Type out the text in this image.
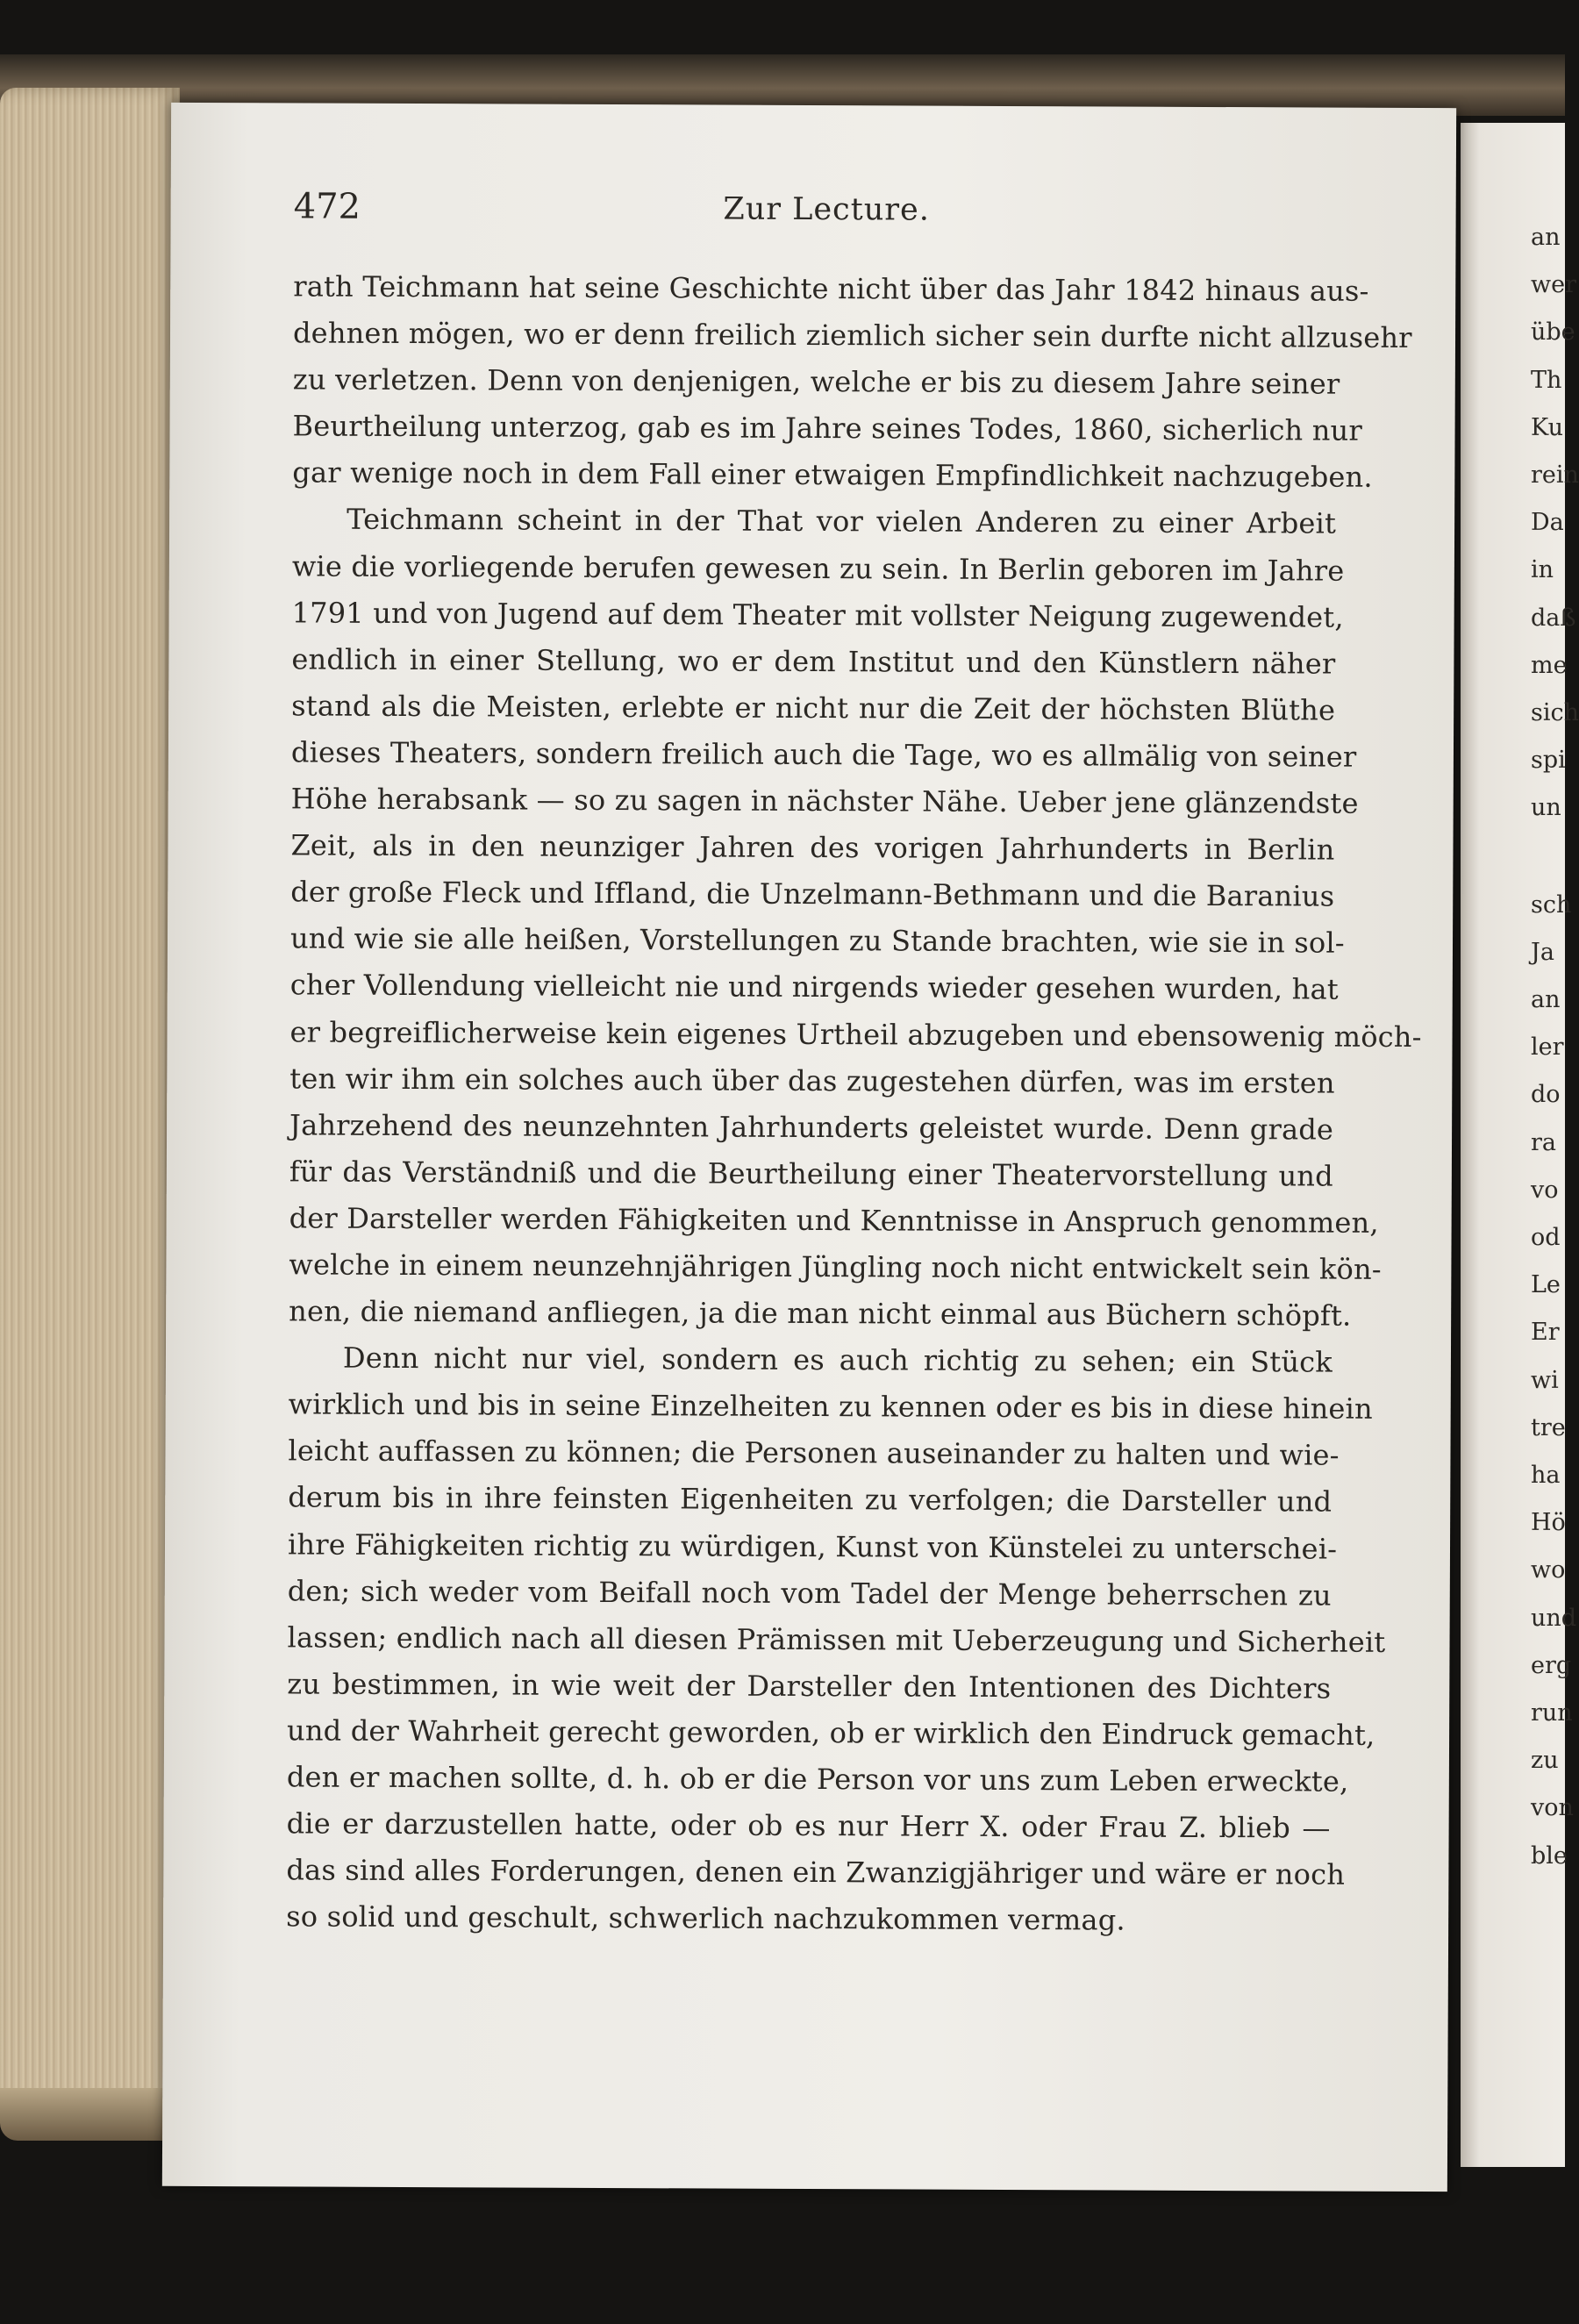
an
wer
übe
Th
Ku
rein
Da
in
daß
me
sich
spi
un
sch
Ja
an
ler
do
ra
vo
od
Le
Er
wi
tre
ha
Hö
wo
und
erg
run
zu
von
ble
472	Zur Lecture.
rath Teichmann hat seine Geschichte nicht über das Jahr 1842 hinaus aus-
dehnen mögen, wo er denn freilich ziemlich sicher sein durfte nicht allzusehr
zu verletzen. Denn von denjenigen, welche er bis zu diesem Jahre seiner
Beurtheilung unterzog, gab es im Jahre seines Todes, 1860, sicherlich nur
gar wenige noch in dem Fall einer etwaigen Empfindlichkeit nachzugeben.
Teichmann scheint in der That vor vielen Anderen zu einer Arbeit
wie die vorliegende berufen gewesen zu sein. In Berlin geboren im Jahre
1791 und von Jugend auf dem Theater mit vollster Neigung zugewendet,
endlich in einer Stellung, wo er dem Institut und den Künstlern näher
stand als die Meisten, erlebte er nicht nur die Zeit der höchsten Blüthe
dieses Theaters, sondern freilich auch die Tage, wo es allmälig von seiner
Höhe herabsank — so zu sagen in nächster Nähe. Ueber jene glänzendste
Zeit, als in den neunziger Jahren des vorigen Jahrhunderts in Berlin
der große Fleck und Iffland, die Unzelmann-Bethmann und die Baranius
und wie sie alle heißen, Vorstellungen zu Stande brachten, wie sie in sol-
cher Vollendung vielleicht nie und nirgends wieder gesehen wurden, hat
er begreiflicherweise kein eigenes Urtheil abzugeben und ebensowenig möch-
ten wir ihm ein solches auch über das zugestehen dürfen, was im ersten
Jahrzehend des neunzehnten Jahrhunderts geleistet wurde. Denn grade
für das Verständniß und die Beurtheilung einer Theatervorstellung und
der Darsteller werden Fähigkeiten und Kenntnisse in Anspruch genommen,
welche in einem neunzehnjährigen Jüngling noch nicht entwickelt sein kön-
nen, die niemand anfliegen, ja die man nicht einmal aus Büchern schöpft.
Denn nicht nur viel, sondern es auch richtig zu sehen; ein Stück
wirklich und bis in seine Einzelheiten zu kennen oder es bis in diese hinein
leicht auffassen zu können; die Personen auseinander zu halten und wie-
derum bis in ihre feinsten Eigenheiten zu verfolgen; die Darsteller und
ihre Fähigkeiten richtig zu würdigen, Kunst von Künstelei zu unterschei-
den; sich weder vom Beifall noch vom Tadel der Menge beherrschen zu
lassen; endlich nach all diesen Prämissen mit Ueberzeugung und Sicherheit
zu bestimmen, in wie weit der Darsteller den Intentionen des Dichters
und der Wahrheit gerecht geworden, ob er wirklich den Eindruck gemacht,
den er machen sollte, d. h. ob er die Person vor uns zum Leben erweckte,
die er darzustellen hatte, oder ob es nur Herr X. oder Frau Z. blieb —
das sind alles Forderungen, denen ein Zwanzigjähriger und wäre er noch
so solid und geschult, schwerlich nachzukommen vermag.
